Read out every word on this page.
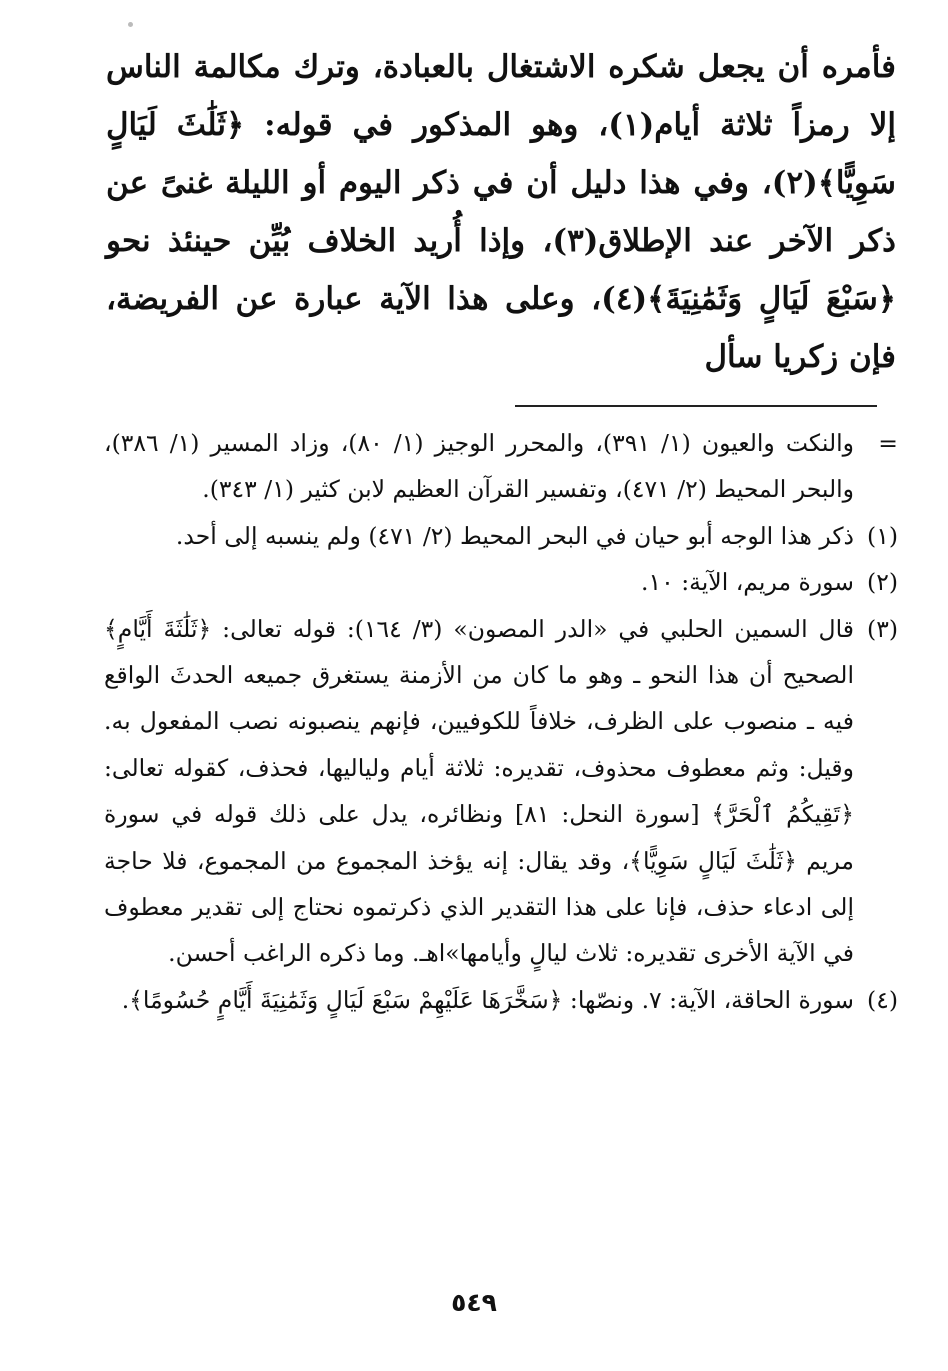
فأمره أن يجعل شكره الاشتغال بالعبادة، وترك مكالمة الناس إلا رمزاً ثلاثة أيام(١)، وهو المذكور في قوله: ﴿ثَلَٰثَ لَيَالٍ سَوِيًّا﴾(٢)، وفي هذا دليل أن في ذكر اليوم أو الليلة غنىً عن ذكر الآخر عند الإطلاق(٣)، وإذا أُريد الخلاف بُيِّن حينئذ نحو ﴿سَبْعَ لَيَالٍ وَثَمَٰنِيَةَ﴾(٤)، وعلى هذا الآية عبارة عن الفريضة، فإن زكريا سأل

=
والنكت والعيون (١/ ٣٩١)، والمحرر الوجيز (١/ ٨٠)، وزاد المسير (١/ ٣٨٦)، والبحر المحيط (٢/ ٤٧١)، وتفسير القرآن العظيم لابن كثير (١/ ٣٤٣).

(١)
ذكر هذا الوجه أبو حيان في البحر المحيط (٢/ ٤٧١) ولم ينسبه إلى أحد.

(٢)
سورة مريم، الآية: ١٠.

(٣)
قال السمين الحلبي في «الدر المصون» (٣/ ١٦٤): قوله تعالى: ﴿ثَلَٰثَةَ أَيَّامٍ﴾ الصحيح أن هذا النحو ـ وهو ما كان من الأزمنة يستغرق جميعه الحدثَ الواقع فيه ـ منصوب على الظرف، خلافاً للكوفيين، فإنهم ينصبونه نصب المفعول به. وقيل: وثم معطوف محذوف، تقديره: ثلاثة أيام ولياليها، فحذف، كقوله تعالى: ﴿تَقِيكُمُ ٱلْحَرَّ﴾ [سورة النحل: ٨١] ونظائره، يدل على ذلك قوله في سورة مريم ﴿ثَلَٰثَ لَيَالٍ سَوِيًّا﴾، وقد يقال: إنه يؤخذ المجموع من المجموع، فلا حاجة إلى ادعاء حذف، فإنا على هذا التقدير الذي ذكرتموه نحتاج إلى تقدير معطوف في الآية الأخرى تقديره: ثلاث ليالٍ وأيامها»اهـ. وما ذكره الراغب أحسن.

(٤)
سورة الحاقة، الآية: ٧. ونصّها: ﴿سَخَّرَهَا عَلَيْهِمْ سَبْعَ لَيَالٍ وَثَمَٰنِيَةَ أَيَّامٍ حُسُومًا﴾.

٥٤٩
